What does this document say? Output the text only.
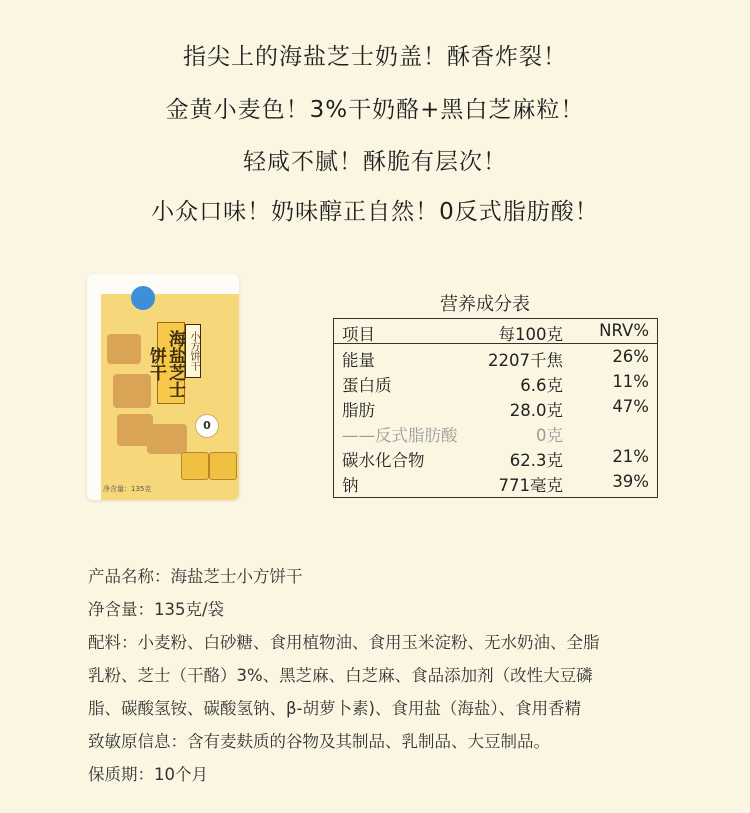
指尖上的海盐芝士奶盖！酥香炸裂！
金黄小麦色！3%干奶酪+黑白芝麻粒！
轻咸不腻！酥脆有层次！
小众口味！奶味醇正自然！0反式脂肪酸！
海盐芝士饼干	小方饼干
0
净含量：135克
营养成分表
项目	每100克 NRV%
能量	2207千焦	26%
蛋白质	6.6克	11%
脂肪	28.0克	47%
——反式脂肪酸	0克
碳水化合物	62.3克	21%
钠	771毫克	39%
产品名称：海盐芝士小方饼干
净含量：135克/袋
配料：小麦粉、白砂糖、食用植物油、食用玉米淀粉、无水奶油、全脂
乳粉、芝士（干酪）3%、黑芝麻、白芝麻、食品添加剂（改性大豆磷
脂、碳酸氢铵、碳酸氢钠、β-胡萝卜素)、食用盐（海盐）、食用香精
致敏原信息：含有麦麸质的谷物及其制品、乳制品、大豆制品。
保质期：10个月
